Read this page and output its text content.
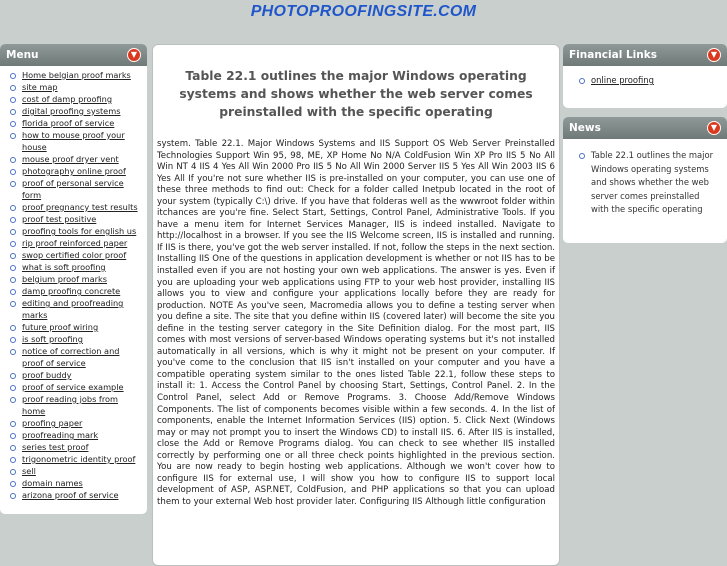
PHOTOPROOFINGSITE.COM
Menu	▼
Home belgian proof marks
site map
cost of damp proofing
digital proofing systems
florida proof of service
how to mouse proof your house
mouse proof dryer vent
photography online proof
proof of personal service form
proof pregnancy test results
proof test positive
proofing tools for english us
rip proof reinforced paper
swop certified color proof
what is soft proofing
belgium proof marks
damp proofing concrete
editing and proofreading marks
future proof wiring
is soft proofing
notice of correction and proof of service
proof buddy
proof of service example
proof reading jobs from home
proofing paper
proofreading mark
series test proof
trigonometric identity proof
sell
domain names
arizona proof of service
Table 22.1 outlines the major Windows operating systems and shows whether the web server comes preinstalled with the specific operating

system. Table 22.1. Major Windows Systems and IIS Support OS Web Server Preinstalled Technologies Support Win 95, 98, ME, XP Home No N/A ColdFusion Win XP Pro IIS 5 No All Win NT 4 IIS 4 Yes All Win 2000 Pro IIS 5 No All Win 2000 Server IIS 5 Yes All Win 2003 IIS 6 Yes All If you're not sure whether IIS is pre-installed on your computer, you can use one of these three methods to find out: Check for a folder called Inetpub located in the root of your system (typically C:\) drive. If you have that folderas well as the wwwroot folder within itchances are you're fine. Select Start, Settings, Control Panel, Administrative Tools. If you have a menu item for Internet Services Manager, IIS is indeed installed. Navigate to http://localhost in a browser. If you see the IIS Welcome screen, IIS is installed and running. If IIS is there, you've got the web server installed. If not, follow the steps in the next section. Installing IIS One of the questions in application development is whether or not IIS has to be installed even if you are not hosting your own web applications. The answer is yes. Even if you are uploading your web applications using FTP to your web host provider, installing IIS allows you to view and configure your applications locally before they are ready for production. NOTE As you've seen, Macromedia allows you to define a testing server when you define a site. The site that you define within IIS (covered later) will become the site you define in the testing server category in the Site Definition dialog. For the most part, IIS comes with most versions of server-based Windows operating systems but it's not installed automatically in all versions, which is why it might not be present on your computer. If you've come to the conclusion that IIS isn't installed on your computer and you have a compatible operating system similar to the ones listed Table 22.1, follow these steps to install it: 1. Access the Control Panel by choosing Start, Settings, Control Panel. 2. In the Control Panel, select Add or Remove Programs. 3. Choose Add/Remove Windows Components. The list of components becomes visible within a few seconds. 4. In the list of components, enable the Internet Information Services (IIS) option. 5. Click Next (Windows may or may not prompt you to insert the Windows CD) to install IIS. 6. After IIS is installed, close the Add or Remove Programs dialog. You can check to see whether IIS installed correctly by performing one or all three check points highlighted in the previous section. You are now ready to begin hosting web applications. Although we won't cover how to configure IIS for external use, I will show you how to configure IIS to support local development of ASP, ASP.NET, ColdFusion, and PHP applications so that you can upload them to your external Web host provider later. Configuring IIS Although little configuration

Financial Links	▼
online proofing
News	▼
Table 22.1 outlines the major Windows operating systems and shows whether the web server comes preinstalled with the specific operating
